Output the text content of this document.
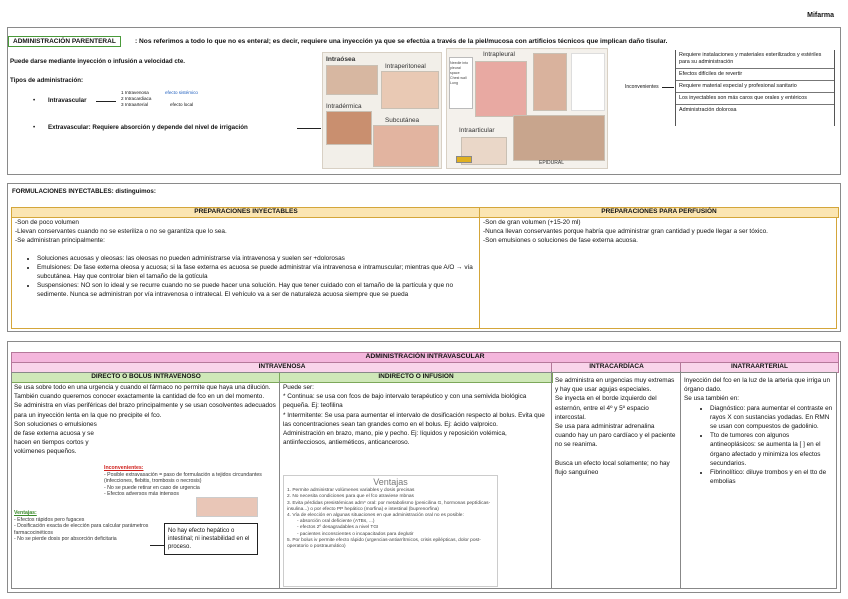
Mifarma
ADMINISTRACIÓN PARENTERAL	: Nos referimos a todo lo que no es enteral; es decir, requiere una inyección ya que se efectúa a través de la piel/mucosa con artificios técnicos que implican daño tisular.
Puede darse mediante inyección o infusión a velocidad cte.
Tipos de administración:
• Intravascular
1 Intravenosa
2 Intracardiaca
3 Intraarterial
efecto sistémico
efecto local
• Extravascular: Requiere absorción y depende del nivel de irrigación
Intraósea
Intraperitoneal
Intradérmica
Subcutánea
Intrapleural
Needle into pleural space
Chest wall
Lung
Intraarticular
EPIDURAL
Inconvenientes
Requiere instalaciones y materiales esterilizados y estériles para su administración
Efectos difíciles de revertir
Requiere material especial y profesional sanitario
Los inyectables son más caros que orales y entéricos
Administración dolorosa
FORMULACIONES INYECTABLES: distinguimos:
PREPARACIONES INYECTABLES	PREPARACIONES PARA PERFUSIÓN
-Son de poco volumen
-Llevan conservantes cuando no se esteriliza o no se garantiza que lo sea.
-Se administran principalmente:
• Soluciones acuosas y oleosas: las oleosas no pueden administrarse vía intravenosa y suelen ser +dolorosas
• Emulsiones: De fase externa oleosa y acuosa; si la fase externa es acuosa se puede administrar vía intravenosa e intramuscular; mientras que A/O → vía subcutánea. Hay que controlar bien el tamaño de la gotícula
• Suspensiones: NO son lo ideal y se recurre cuando no se puede hacer una solución. Hay que tener cuidado con el tamaño de la partícula y que no sedimente. Nunca se administran por vía intravenosa o intratecal. El vehículo va a ser de naturaleza acuosa siempre que se pueda
-Son de gran volumen (+15-20 ml)
-Nunca llevan conservantes porque habría que administrar gran cantidad y puede llegar a ser tóxico.
-Son emulsiones o soluciones de fase externa acuosa.
ADMINISTRACIÓN INTRAVASCULAR
INTRAVENOSA	INTRACARDÍACA	INATRAARTERIAL
DIRECTO O BOLUS INTRAVENOSO	INDIRECTO O INFUSIÓN
Se usa sobre todo en una urgencia y cuando el fármaco no permite que haya una dilución. También cuando queremos conocer exactamente la cantidad de fco en un del momento.
Se administra en vías periféricas del brazo principalmente y se usan cosolventes adecuados para un inyección lenta en la que no precipite el fco.
Son soluciones o emulsiones de fase externa acuosa y se hacen en tiempos cortos y volúmenes pequeños.
Inconvenientes:
- Posible extravasación = paso de formulación a tejidos circundantes (infecciones, flebitis, trombosis o necrosis)
- No se puede retirar en caso de urgencia
- Efectos adversos más intensos
Ventajas:
- Efectos rápidos pero fugaces
- Dosificación exacta de elección para calcular parámetros farmacocinéticos
- No se pierde dosis por absorción deficitaria
No hay efecto hepático o intestinal; ni inestabilidad en el proceso.
Puede ser:
* Continua: se usa con fcos de bajo intervalo terapéutico y con una semivida biológica pequeña. Ej: teofilina
* Intermitente: Se usa para aumentar el intervalo de dosificación respecto al bolus. Evita que las concentraciones sean tan grandes como en el bolus. Ej: ácido valproico.
Administración en brazo, mano, pie y pecho. Ej: líquidos y reposición volémica, antiinfecciosos, antieméticos, anticanceroso.
Ventajas
1. Permite administrar volúmenes variables y dosis precisas
2. No necesita condiciones para que el fco atraviese mbnas
3. Evita pérdidas presistémicas adm* oral: por metabolismo (penicilina G, hormonas peptídicas-insulina...) o por efecto PP hepático (morfina) e intestinal (buprenorfina)
4. Vía de elección en algunas situaciones en que administración oral no es posible:
- absorción oral deficiente (ATBs, ...)
- efectos 2º desagradables a nivel TGI
- pacientes inconscientes o incapacitados para deglutir
5. Por bolus iv permite efecto rápido (urgencias-antiarrítmicos, crisis epilépticas, dolor post-operatorio o postraumático)
Se administra en urgencias muy extremas y hay que usar agujas especiales.
Se inyecta en el borde izquierdo del esternón, entre el 4º y 5º espacio intercostal.
Se usa para administrar adrenalina cuando hay un paro cardíaco y el paciente no se reanima.
Busca un efecto local solamente; no hay flujo sanguíneo
Inyección del fco en la luz de la arteria que irriga un órgano dado.
Se usa también en:
• Diagnóstico: para aumentar el contraste en rayos X con sustancias yodadas. En RMN se usan con compuestos de gadolinio.
• Tto de tumores con algunos antineoplásicos: se aumenta la [ ] en el órgano afectado y minimiza los efectos secundarios.
• Fibrinolítico: diluye trombos y en el tto de embolias
